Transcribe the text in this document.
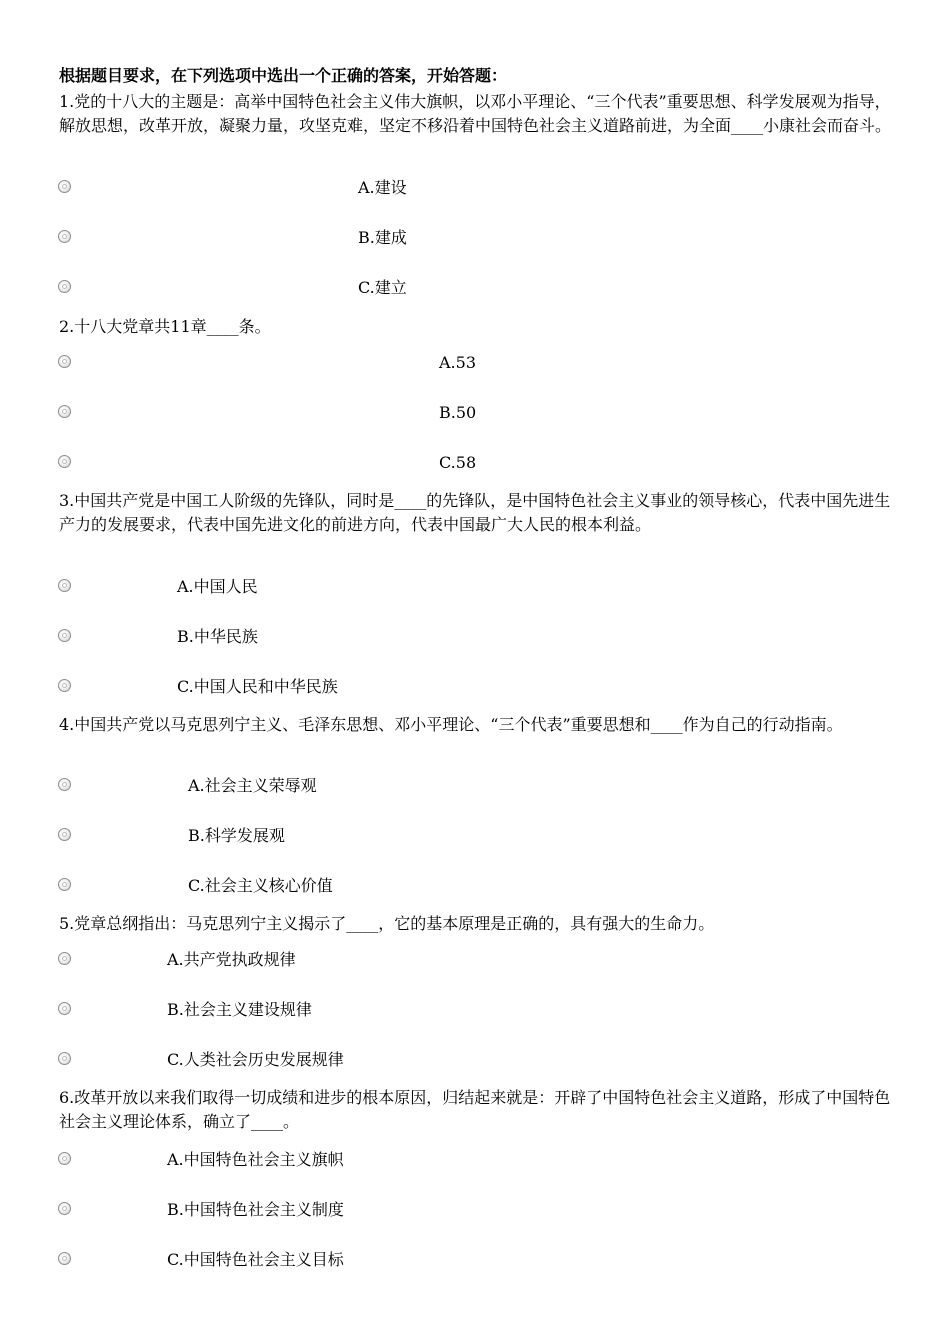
根据题目要求，在下列选项中选出一个正确的答案，开始答题：
1.党的十八大的主题是：高举中国特色社会主义伟大旗帜，以邓小平理论、“三个代表”重要思想、科学发展观为指导，解放思想，改革开放，凝聚力量，攻坚克难，坚定不移沿着中国特色社会主义道路前进，为全面____小康社会而奋斗。
A.建设
B.建成
C.建立
2.十八大党章共11章____条。
A.53
B.50
C.58
3.中国共产党是中国工人阶级的先锋队，同时是____的先锋队，是中国特色社会主义事业的领导核心，代表中国先进生产力的发展要求，代表中国先进文化的前进方向，代表中国最广大人民的根本利益。
A.中国人民
B.中华民族
C.中国人民和中华民族
4.中国共产党以马克思列宁主义、毛泽东思想、邓小平理论、“三个代表”重要思想和____作为自己的行动指南。
A.社会主义荣辱观
B.科学发展观
C.社会主义核心价值
5.党章总纲指出：马克思列宁主义揭示了____，它的基本原理是正确的，具有强大的生命力。
A.共产党执政规律
B.社会主义建设规律
C.人类社会历史发展规律
6.改革开放以来我们取得一切成绩和进步的根本原因，归结起来就是：开辟了中国特色社会主义道路，形成了中国特色社会主义理论体系，确立了____。
A.中国特色社会主义旗帜
B.中国特色社会主义制度
C.中国特色社会主义目标
